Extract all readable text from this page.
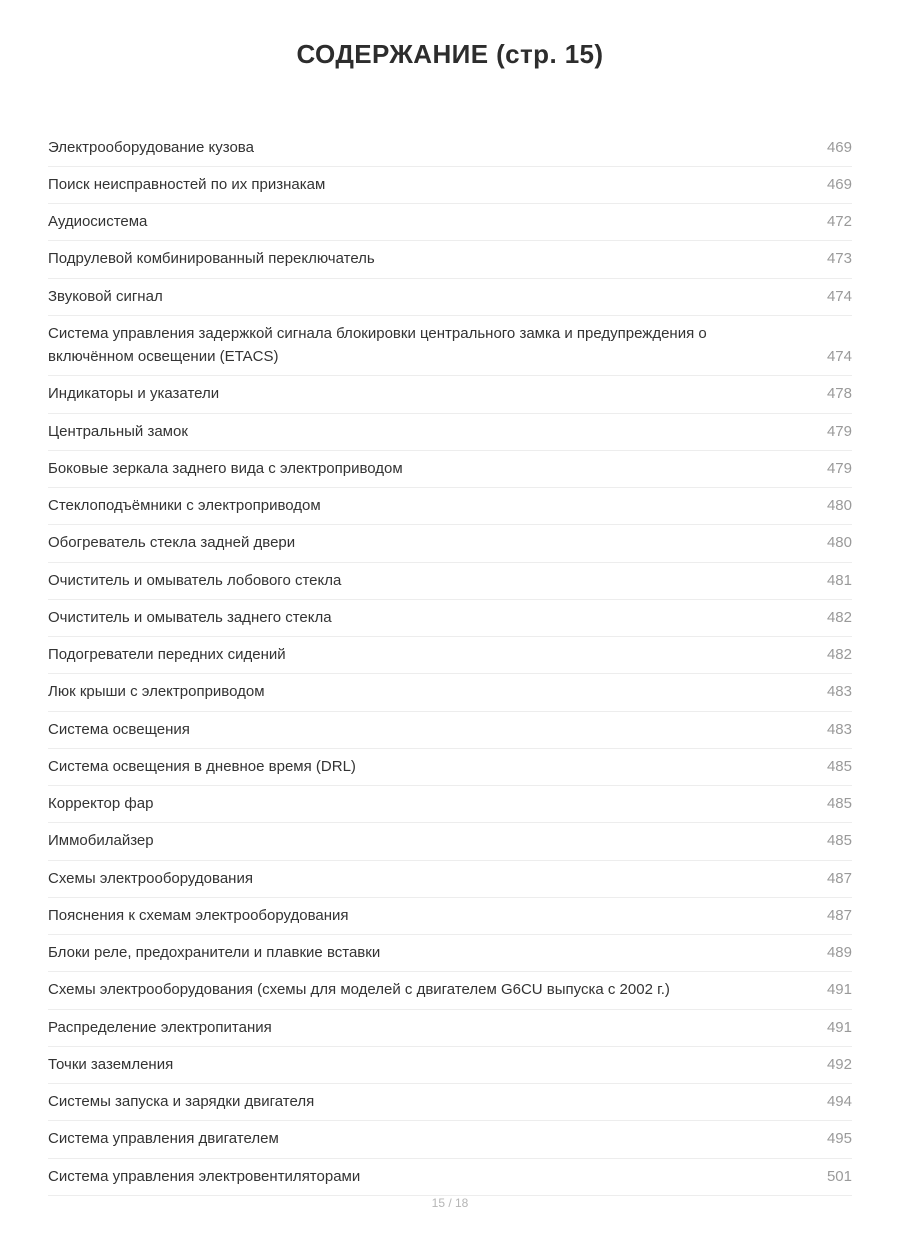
СОДЕРЖАНИЕ (стр. 15)
Электрооборудование кузова	469
Поиск неисправностей по их признакам	469
Аудиосистема	472
Подрулевой комбинированный переключатель	473
Звуковой сигнал	474
Система управления задержкой сигнала блокировки центрального замка и предупреждения о включённом освещении (ETACS)	474
Индикаторы и указатели	478
Центральный замок	479
Боковые зеркала заднего вида с электроприводом	479
Стеклоподъёмники с электроприводом	480
Обогреватель стекла задней двери	480
Очиститель и омыватель лобового стекла	481
Очиститель и омыватель заднего стекла	482
Подогреватели передних сидений	482
Люк крыши с электроприводом	483
Система освещения	483
Система освещения в дневное время (DRL)	485
Корректор фар	485
Иммобилайзер	485
Схемы электрооборудования	487
Пояснения к схемам электрооборудования	487
Блоки реле, предохранители и плавкие вставки	489
Схемы электрооборудования (схемы для моделей с двигателем G6CU выпуска с 2002 г.)	491
Распределение электропитания	491
Точки заземления	492
Системы запуска и зарядки двигателя	494
Система управления двигателем	495
Система управления электровентиляторами	501
15 / 18
